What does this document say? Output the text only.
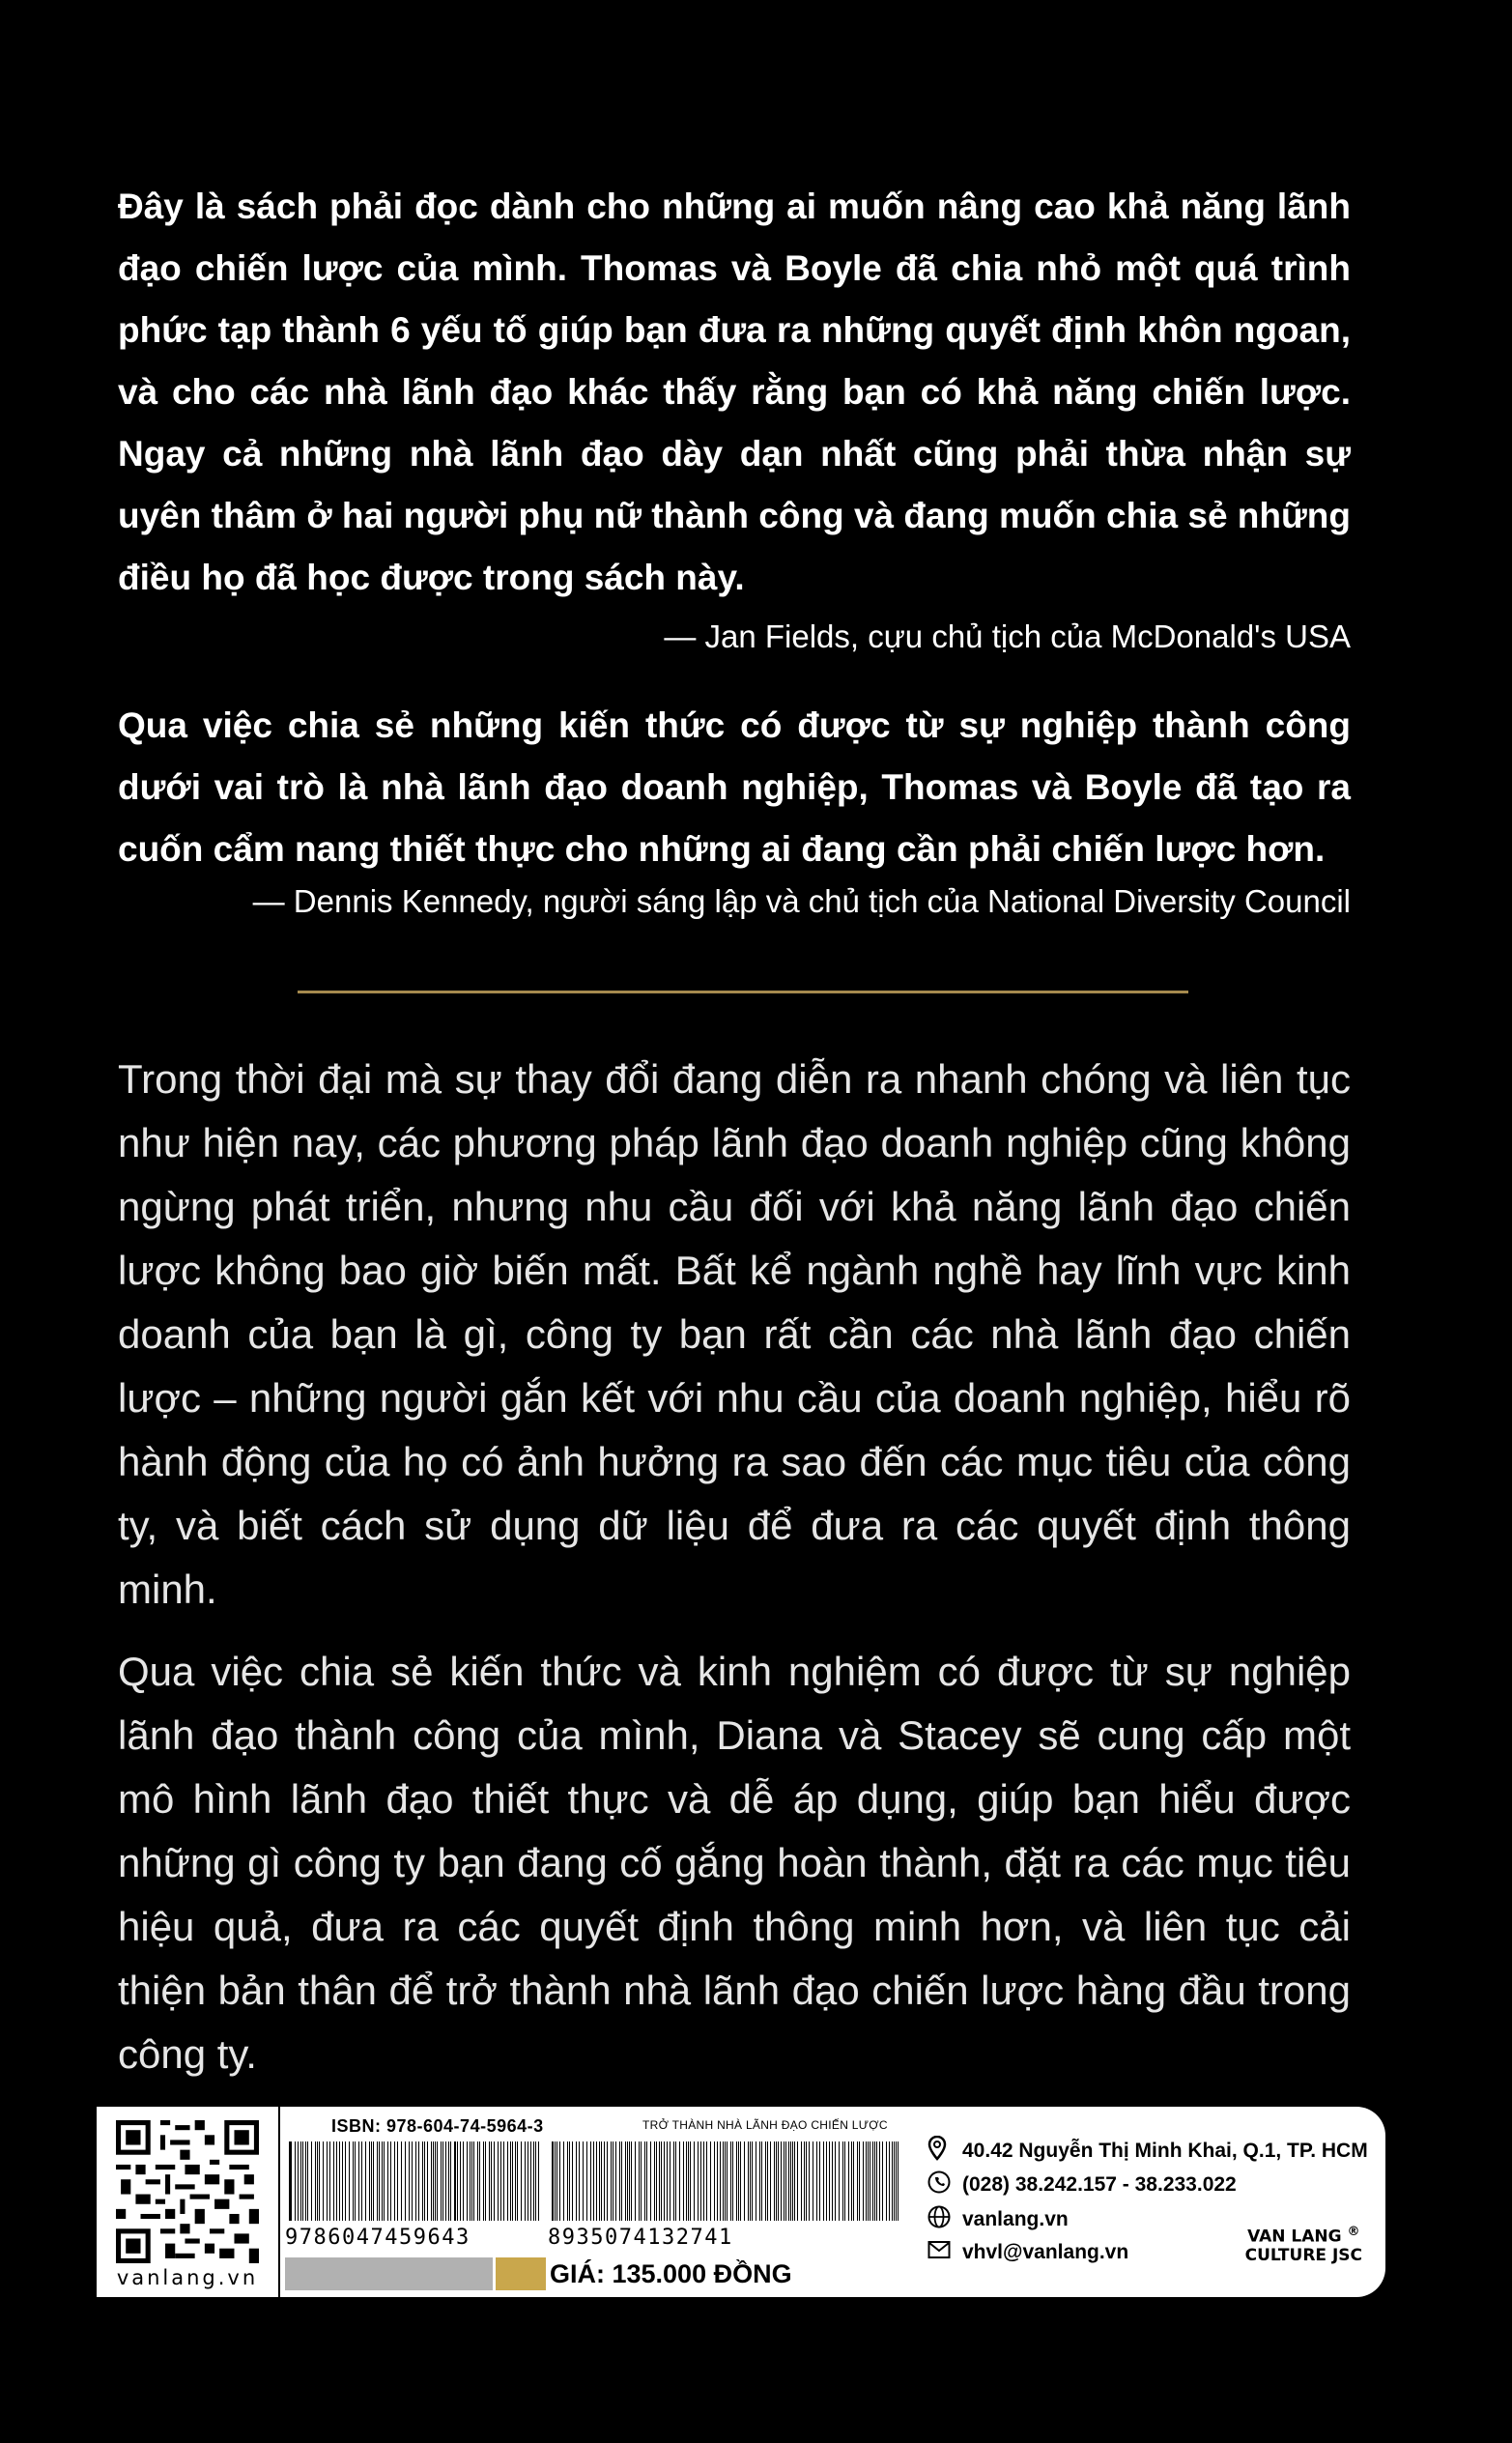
Đây là sách phải đọc dành cho những ai muốn nâng cao khả năng lãnh đạo chiến lược của mình. Thomas và Boyle đã chia nhỏ một quá trình phức tạp thành 6 yếu tố giúp bạn đưa ra những quyết định khôn ngoan, và cho các nhà lãnh đạo khác thấy rằng bạn có khả năng chiến lược. Ngay cả những nhà lãnh đạo dày dạn nhất cũng phải thừa nhận sự uyên thâm ở hai người phụ nữ thành công và đang muốn chia sẻ những điều họ đã học được trong sách này.

— Jan Fields, cựu chủ tịch của McDonald's USA

Qua việc chia sẻ những kiến thức có được từ sự nghiệp thành công dưới vai trò là nhà lãnh đạo doanh nghiệp, Thomas và Boyle đã tạo ra cuốn cẩm nang thiết thực cho những ai đang cần phải chiến lược hơn.

— Dennis Kennedy, người sáng lập và chủ tịch của National Diversity Council

Trong thời đại mà sự thay đổi đang diễn ra nhanh chóng và liên tục như hiện nay, các phương pháp lãnh đạo doanh nghiệp cũng không ngừng phát triển, nhưng nhu cầu đối với khả năng lãnh đạo chiến lược không bao giờ biến mất. Bất kể ngành nghề hay lĩnh vực kinh doanh của bạn là gì, công ty bạn rất cần các nhà lãnh đạo chiến lược – những người gắn kết với nhu cầu của doanh nghiệp, hiểu rõ hành động của họ có ảnh hưởng ra sao đến các mục tiêu của công ty, và biết cách sử dụng dữ liệu để đưa ra các quyết định thông minh.

Qua việc chia sẻ kiến thức và kinh nghiệm có được từ sự nghiệp lãnh đạo thành công của mình, Diana và Stacey sẽ cung cấp một mô hình lãnh đạo thiết thực và dễ áp dụng, giúp bạn hiểu được những gì công ty bạn đang cố gắng hoàn thành, đặt ra các mục tiêu hiệu quả, đưa ra các quyết định thông minh hơn, và liên tục cải thiện bản thân để trở thành nhà lãnh đạo chiến lược hàng đầu trong công ty.

vanlang.vn
ISBN: 978-604-74-5964-3	TRỞ THÀNH NHÀ LÃNH ĐẠO CHIẾN LƯỢC
9786047459643	8935074132741
GIÁ: 135.000 ĐỒNG
40.42 Nguyễn Thị Minh Khai, Q.1, TP. HCM
(028) 38.242.157 - 38.233.022
vanlang.vn
vhvl@vanlang.vn
VAN LANG ®
CULTURE JSC
